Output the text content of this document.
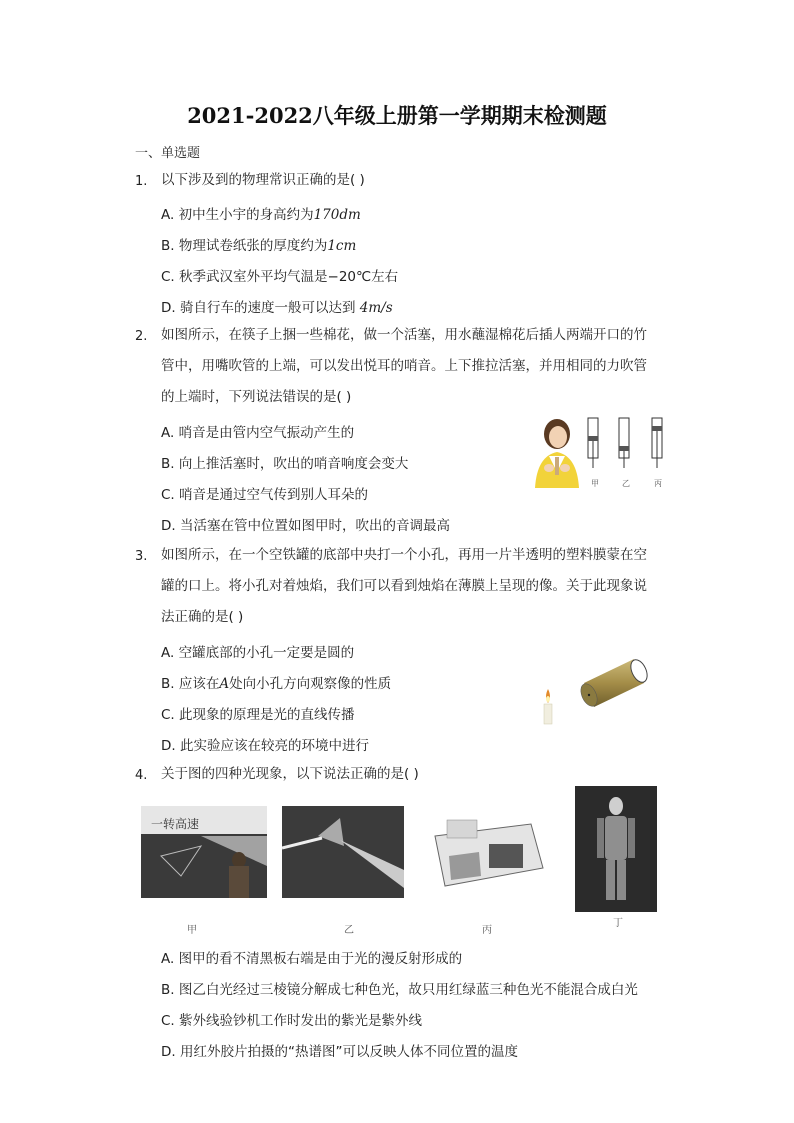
2021-2022八年级上册第一学期期末检测题
一、单选题
1. 以下涉及到的物理常识正确的是( )
A. 初中生小宇的身高约为170dm
B. 物理试卷纸张的厚度约为1cm
C. 秋季武汉室外平均气温是−20℃左右
D. 骑自行车的速度一般可以达到 4m/s
2. 如图所示，在筷子上捆一些棉花，做一个活塞，用水蘸湿棉花后插人两端开口的竹
管中，用嘴吹管的上端，可以发出悦耳的哨音。上下推拉活塞，并用相同的力吹管
的上端时，下列说法错误的是( )
A. 哨音是由管内空气振动产生的
B. 向上推活塞时，吹出的哨音响度会变大
C. 哨音是通过空气传到别人耳朵的
D. 当活塞在管中位置如图甲时，吹出的音调最高
甲	乙	丙
3. 如图所示，在一个空铁罐的底部中央打一个小孔，再用一片半透明的塑料膜蒙在空
罐的口上。将小孔对着烛焰，我们可以看到烛焰在薄膜上呈现的像。关于此现象说
法正确的是( )
A. 空罐底部的小孔一定要是圆的
B. 应该在A处向小孔方向观察像的性质
C. 此现象的原理是光的直线传播
D. 此实验应该在较亮的环境中进行
4. 关于图的四种光现象，以下说法正确的是( )
一转高速
甲	乙	丙
丁
A. 图甲的看不清黑板右端是由于光的漫反射形成的
B. 图乙白光经过三棱镜分解成七种色光，故只用红绿蓝三种色光不能混合成白光
C. 紫外线验钞机工作时发出的紫光是紫外线
D. 用红外胶片拍摄的“热谱图”可以反映人体不同位置的温度
